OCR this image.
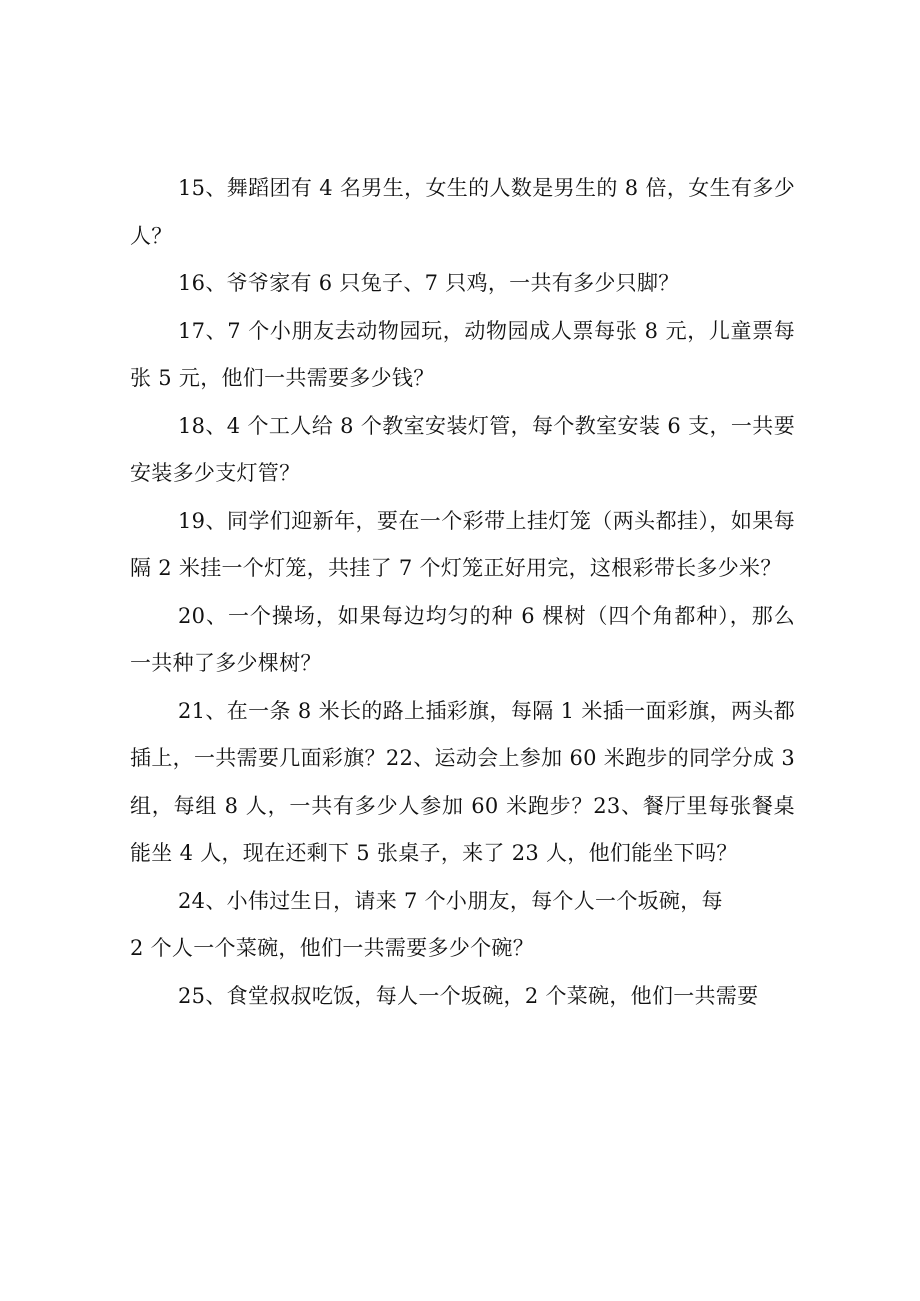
15、舞蹈团有 4 名男生，女生的人数是男生的 8 倍，女生有多少人？

16、爷爷家有 6 只兔子、7 只鸡，一共有多少只脚？

17、7 个小朋友去动物园玩，动物园成人票每张 8 元，儿童票每张 5 元，他们一共需要多少钱？

18、4 个工人给 8 个教室安装灯管，每个教室安装 6 支，一共要安装多少支灯管？

19、同学们迎新年，要在一个彩带上挂灯笼（两头都挂），如果每隔 2 米挂一个灯笼，共挂了 7 个灯笼正好用完，这根彩带长多少米？

20、一个操场，如果每边均匀的种 6 棵树（四个角都种），那么一共种了多少棵树？

21、在一条 8 米长的路上插彩旗，每隔 1 米插一面彩旗，两头都插上，一共需要几面彩旗？22、运动会上参加 60 米跑步的同学分成 3 组，每组 8 人，一共有多少人参加 60 米跑步？23、餐厅里每张餐桌能坐 4 人，现在还剩下 5 张桌子，来了 23 人，他们能坐下吗？

24、小伟过生日，请来 7 个小朋友，每个人一个坂碗，每

2 个人一个菜碗，他们一共需要多少个碗？

25、食堂叔叔吃饭，每人一个坂碗，2 个菜碗，他们一共需要
